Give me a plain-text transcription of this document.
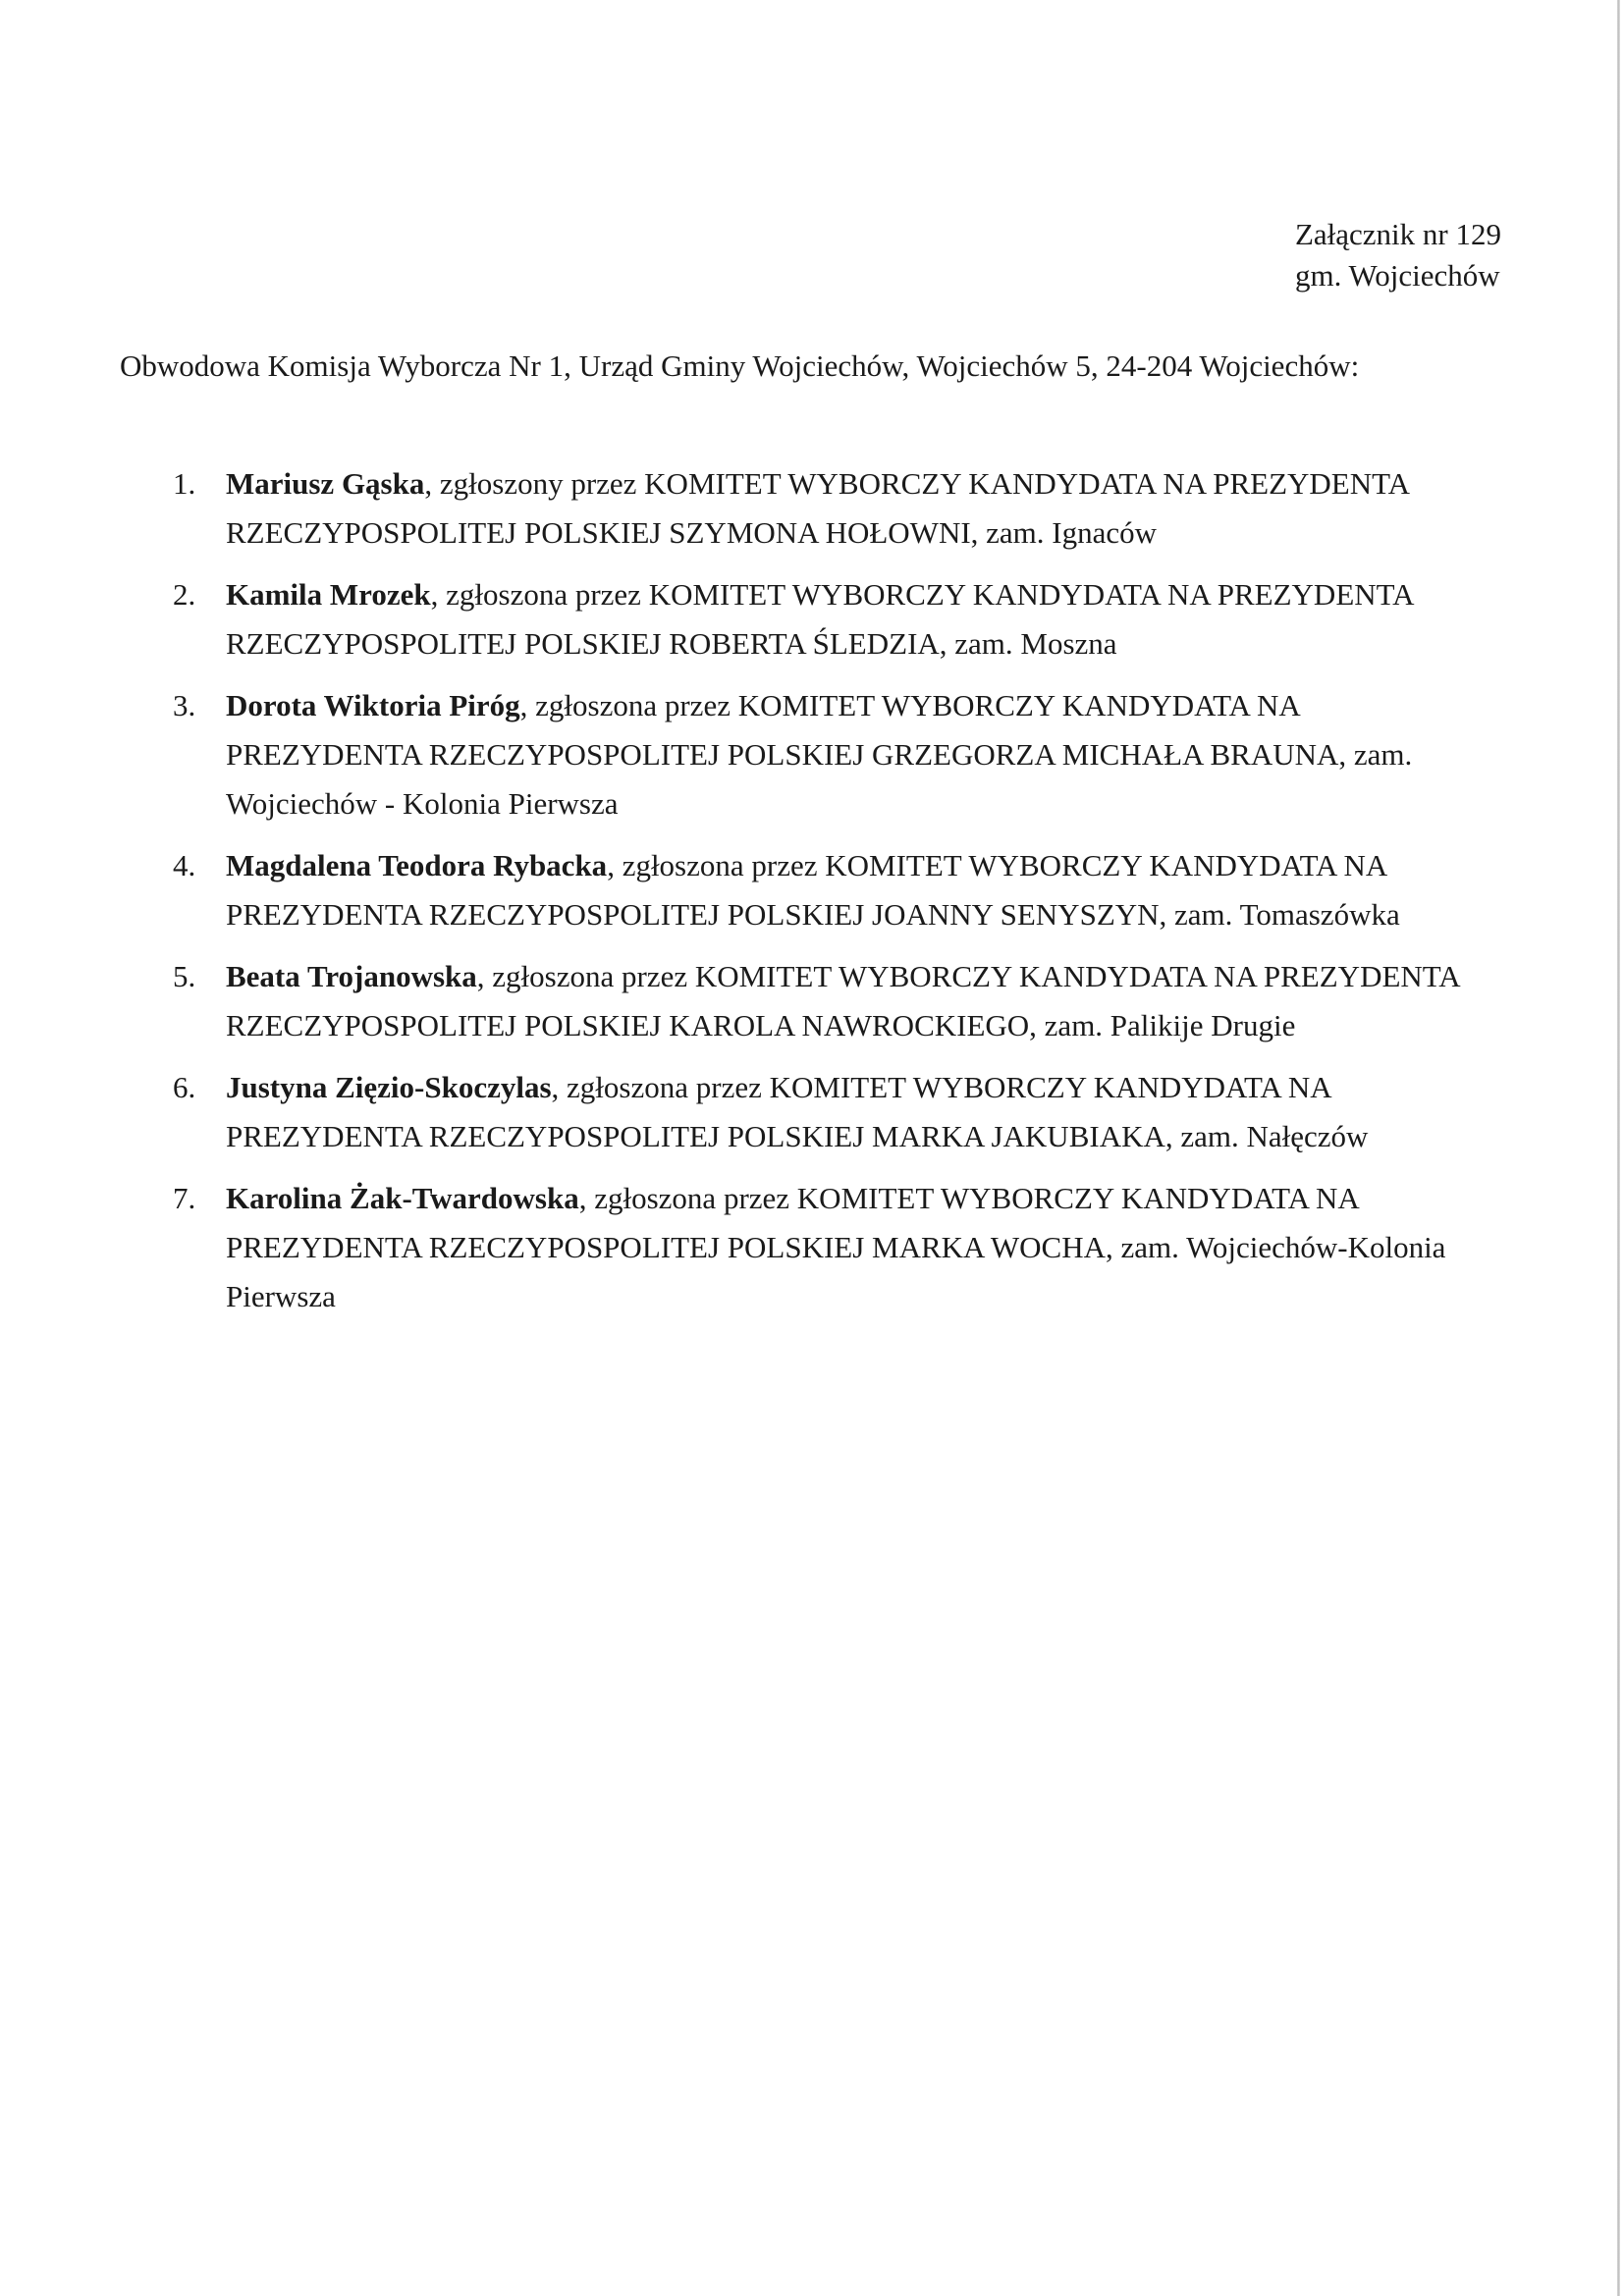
Załącznik nr 129
gm. Wojciechów
Obwodowa Komisja Wyborcza Nr 1, Urząd Gminy Wojciechów, Wojciechów 5, 24-204 Wojciechów:
1. Mariusz Gąska, zgłoszony przez KOMITET WYBORCZY KANDYDATA NA PREZYDENTA RZECZYPOSPOLITEJ POLSKIEJ SZYMONA HOŁOWNI, zam. Ignaców
2. Kamila Mrozek, zgłoszona przez KOMITET WYBORCZY KANDYDATA NA PREZYDENTA RZECZYPOSPOLITEJ POLSKIEJ ROBERTA ŚLEDZIA, zam. Moszna
3. Dorota Wiktoria Piróg, zgłoszona przez KOMITET WYBORCZY KANDYDATA NA PREZYDENTA RZECZYPOSPOLITEJ POLSKIEJ GRZEGORZA MICHAŁA BRAUNA, zam. Wojciechów - Kolonia Pierwsza
4. Magdalena Teodora Rybacka, zgłoszona przez KOMITET WYBORCZY KANDYDATA NA PREZYDENTA RZECZYPOSPOLITEJ POLSKIEJ JOANNY SENYSZYN, zam. Tomaszówka
5. Beata Trojanowska, zgłoszona przez KOMITET WYBORCZY KANDYDATA NA PREZYDENTA RZECZYPOSPOLITEJ POLSKIEJ KAROLA NAWROCKIEGO, zam. Palikije Drugie
6. Justyna Zięzio-Skoczylas, zgłoszona przez KOMITET WYBORCZY KANDYDATA NA PREZYDENTA RZECZYPOSPOLITEJ POLSKIEJ MARKA JAKUBIAKA, zam. Nałęczów
7. Karolina Żak-Twardowska, zgłoszona przez KOMITET WYBORCZY KANDYDATA NA PREZYDENTA RZECZYPOSPOLITEJ POLSKIEJ MARKA WOCHA, zam. Wojciechów-Kolonia Pierwsza
